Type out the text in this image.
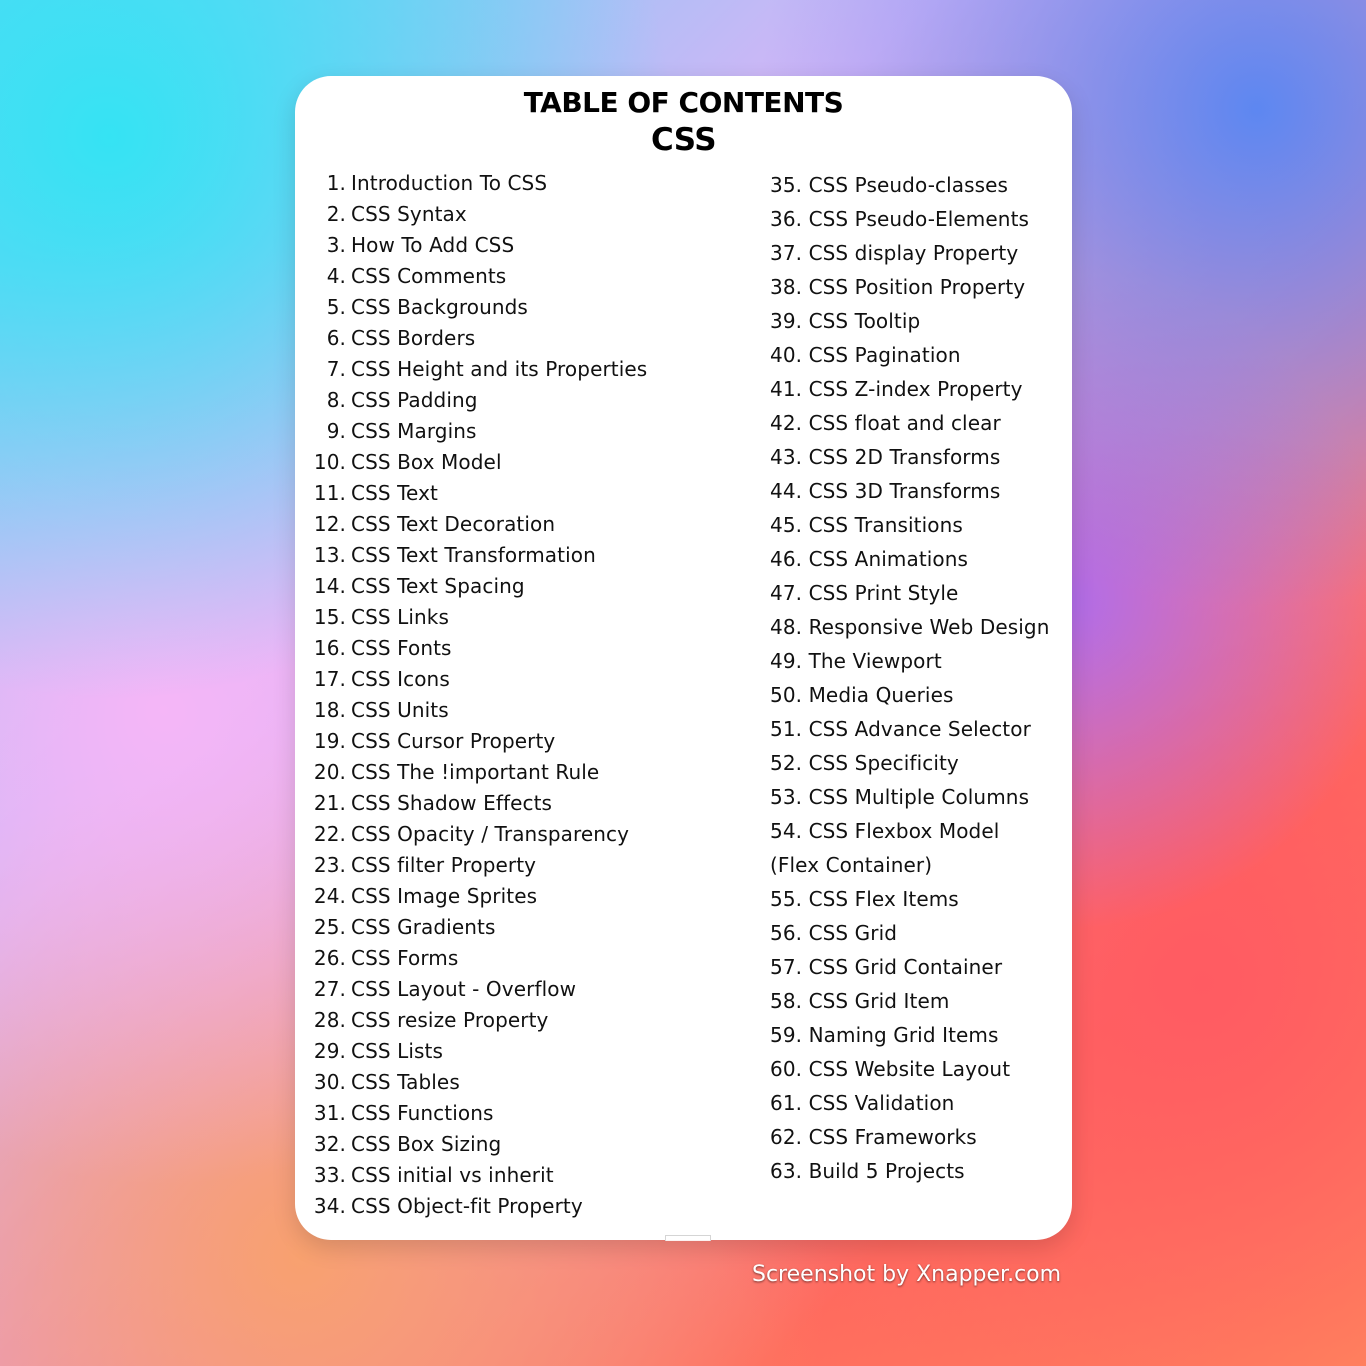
TABLE OF CONTENTS
CSS
1. Introduction To CSS
2. CSS Syntax
3. How To Add CSS
4. CSS Comments
5. CSS Backgrounds
6. CSS Borders
7. CSS Height and its Properties
8. CSS Padding
9. CSS Margins
10. CSS Box Model
11. CSS Text
12. CSS Text Decoration
13. CSS Text Transformation
14. CSS Text Spacing
15. CSS Links
16. CSS Fonts
17. CSS Icons
18. CSS Units
19. CSS Cursor Property
20. CSS The !important Rule
21. CSS Shadow Effects
22. CSS Opacity / Transparency
23. CSS filter Property
24. CSS Image Sprites
25. CSS Gradients
26. CSS Forms
27. CSS Layout - Overflow
28. CSS resize Property
29. CSS Lists
30. CSS Tables
31. CSS Functions
32. CSS Box Sizing
33. CSS initial vs inherit
34. CSS Object-fit Property
35. CSS Pseudo-classes
36. CSS Pseudo-Elements
37. CSS display Property
38. CSS Position Property
39. CSS Tooltip
40. CSS Pagination
41. CSS Z-index Property
42. CSS float and clear
43. CSS 2D Transforms
44. CSS 3D Transforms
45. CSS Transitions
46. CSS Animations
47. CSS Print Style
48. Responsive Web Design
49. The Viewport
50. Media Queries
51. CSS Advance Selector
52. CSS Specificity
53. CSS Multiple Columns
54. CSS Flexbox Model
(Flex Container)
55. CSS Flex Items
56. CSS Grid
57. CSS Grid Container
58. CSS Grid Item
59. Naming Grid Items
60. CSS Website Layout
61. CSS Validation
62. CSS Frameworks
63. Build 5 Projects
Screenshot by Xnapper.com
